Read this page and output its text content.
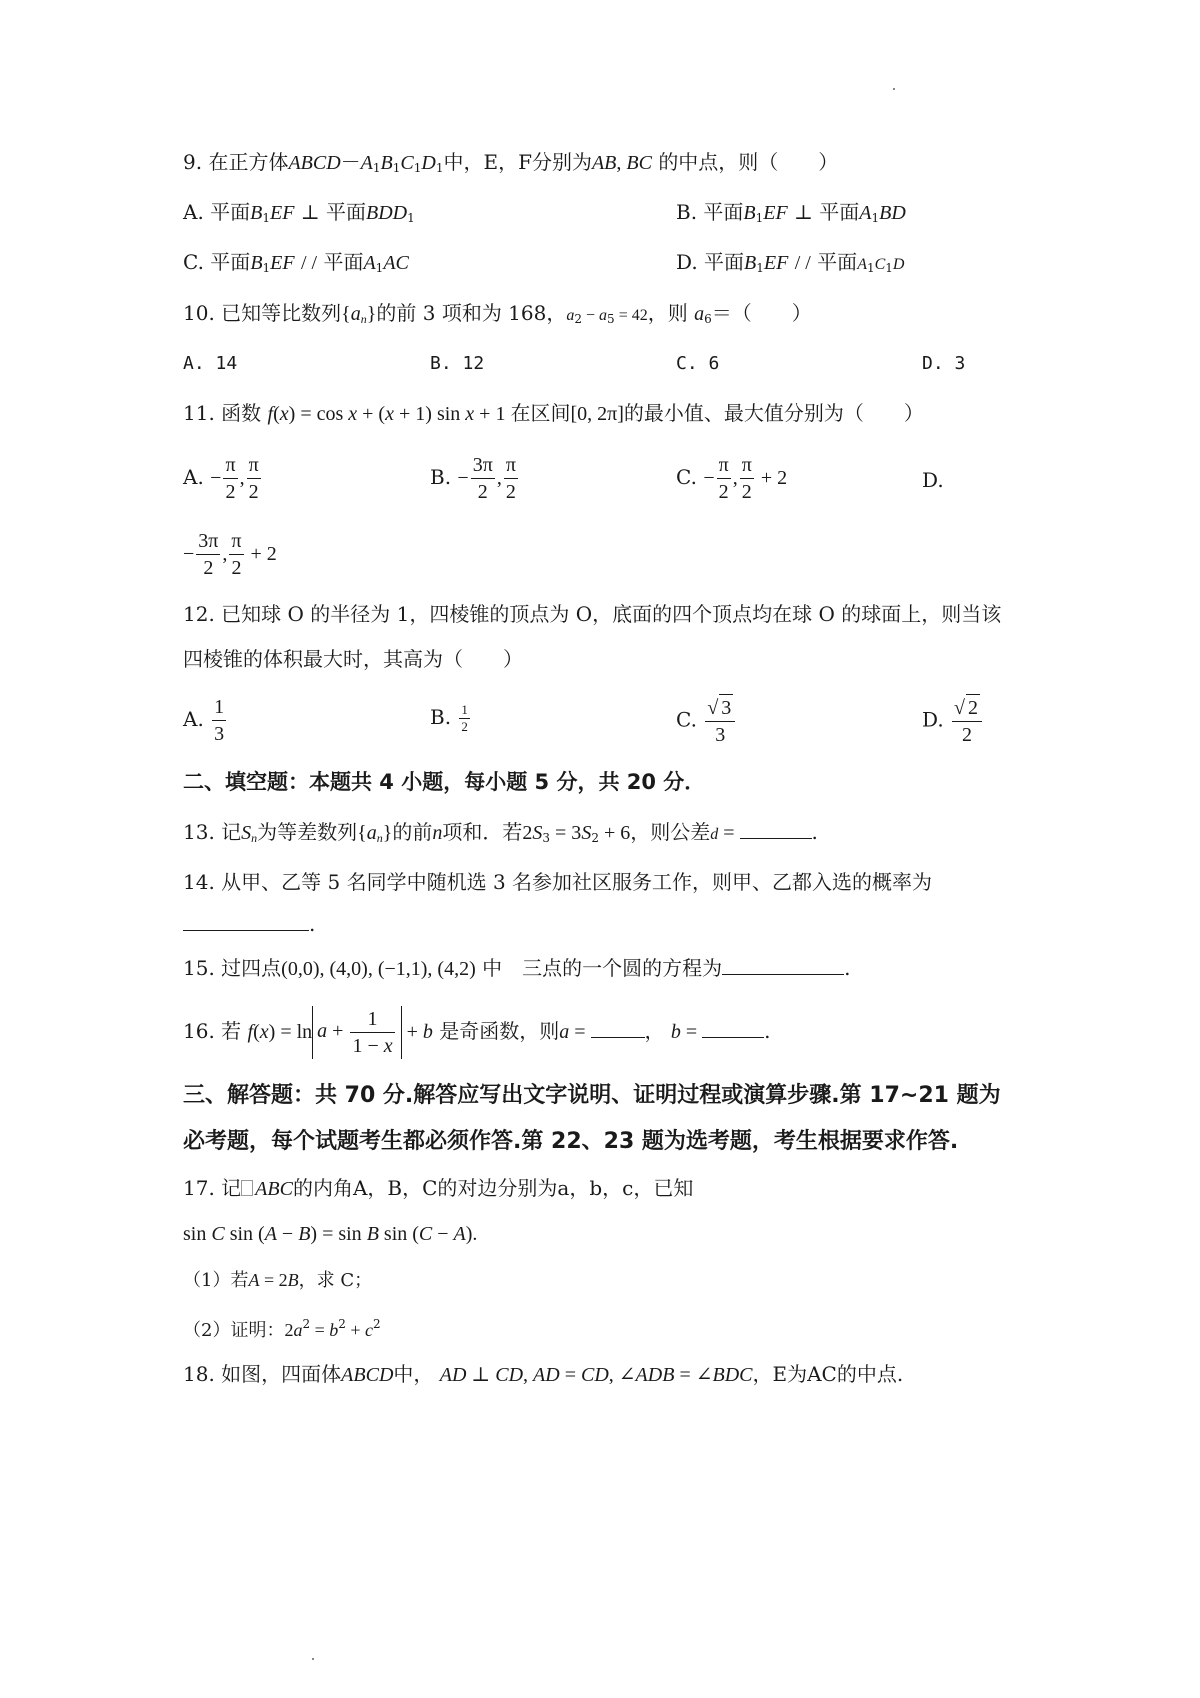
9. 在正方体$ABCD-A_1B_1C_1D_1$中，E，F分别为AB, BC 的中点，则（　　）
A. 平面$B_1EF$ ⊥ 平面$BDD_1$	B. 平面$B_1EF$ ⊥ 平面$A_1BD$
C. 平面$B_1EF$ / / 平面$A_1AC$	D. 平面$B_1EF$ / / 平面$A_1C_1D$
10. 已知等比数列$\{a_n\}$的前 3 项和为 168，$a_2 - a_5 = 42$，则 $a_6=$（　　）
A. 14	B. 12	C. 6	D. 3
11. 函数 f(x) = cos x + (x + 1) sin x + 1 在区间[0, 2π]的最小值、最大值分别为（　　）
A. − $\frac{\pi}{2}$ , $\frac{\pi}{2}$	B. − $\frac{3\pi}{2}$ , $\frac{\pi}{2}$	C. − $\frac{\pi}{2}$ , $\frac{\pi}{2} + 2$	D.
− $\frac{3\pi}{2}$ , $\frac{\pi}{2} + 2$
12. 已知球 O 的半径为 1，四棱锥的顶点为 O，底面的四个顶点均在球 O 的球面上，则当该
四棱锥的体积最大时，其高为（　　）
A. $\frac{1}{3}$	B. $\frac{1}{2}$	C. $\frac{√ 3}{3}$	D. $\frac{√ 2}{2}$
二、填空题：本题共 4 小题，每小题 5 分，共 20 分．
13. 记$S_n$为等差数列$\{a_n\}$的前n项和．若$2S_3 = 3S_2 + 6$，则公差d =	.
14. 从甲、乙等 5 名同学中随机选 3 名参加社区服务工作，则甲、乙都入选的概率为
.
15. 过四点(0,0), (4,0), (−1,1), (4,2) 中　三点的一个圆的方程为	.
16. 若 $f(x) = \ln a + \frac{1}{1 - x} + b$ 是奇函数，则a =	， b =	.
三、解答题：共 70 分.解答应写出文字说明、证明过程或演算步骤.第 17~21 题为
必考题，每个试题考生都必须作答.第 22、23 题为选考题，考生根据要求作答.
17. 记 ABC的内角A，B，C的对边分别为a，b，c，已知
sin C sin (A − B) = sin B sin (C − A).
（1）若A = 2B，求 C；
（2）证明：$2a^2 = b^2 + c^2$
18. 如图，四面体ABCD中， AD ⊥ CD, AD = CD, ∠ADB = ∠BDC，E为AC的中点.
